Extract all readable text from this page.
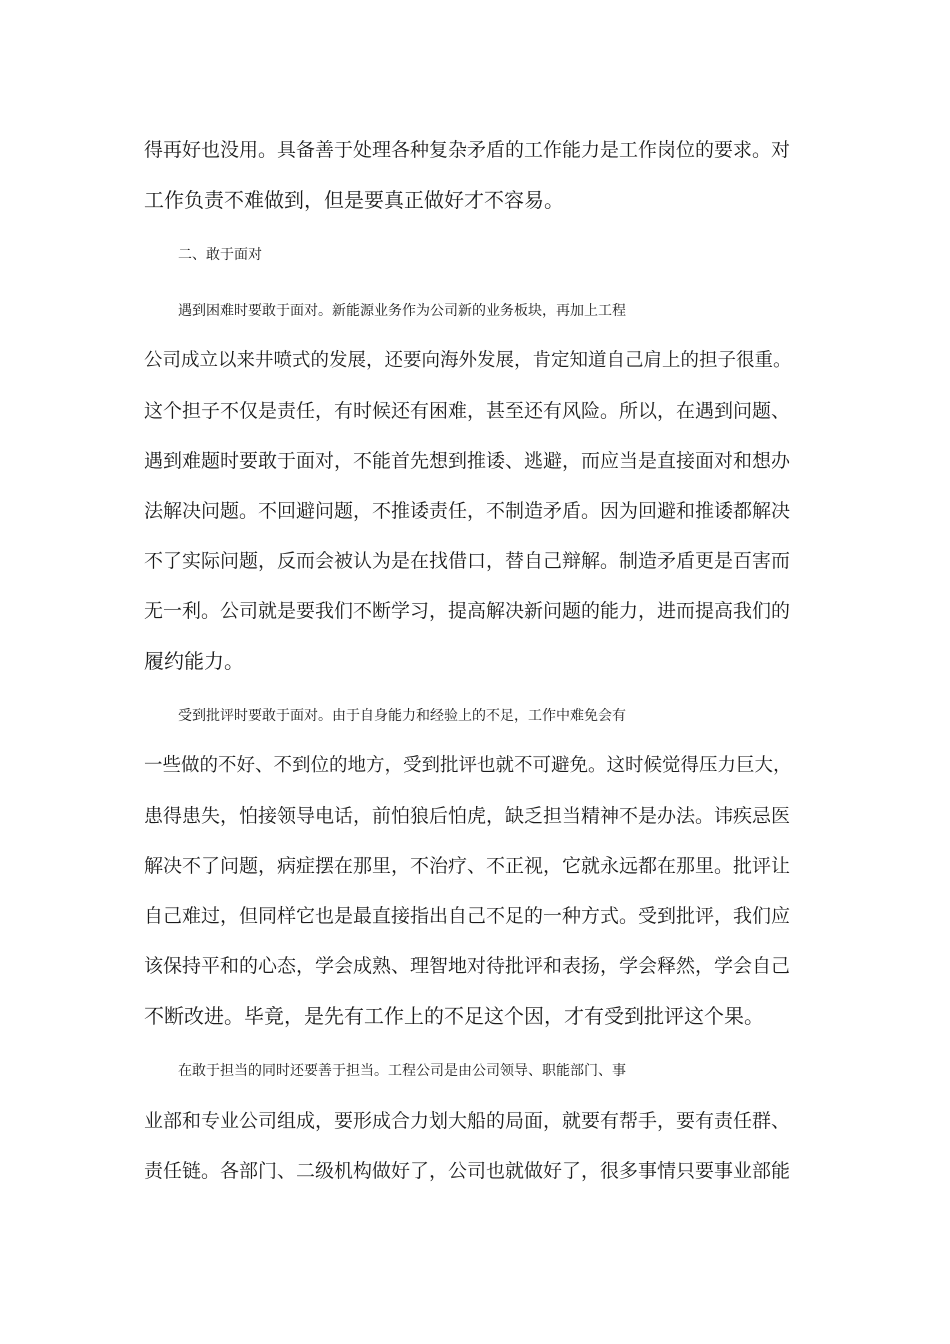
得再好也没用。具备善于处理各种复杂矛盾的工作能力是工作岗位的要求。对
工作负责不难做到，但是要真正做好才不容易。
二、敢于面对
遇到困难时要敢于面对。新能源业务作为公司新的业务板块，再加上工程
公司成立以来井喷式的发展，还要向海外发展，肯定知道自己肩上的担子很重。
这个担子不仅是责任，有时候还有困难，甚至还有风险。所以，在遇到问题、
遇到难题时要敢于面对，不能首先想到推诿、逃避，而应当是直接面对和想办
法解决问题。不回避问题，不推诿责任，不制造矛盾。因为回避和推诿都解决
不了实际问题，反而会被认为是在找借口，替自己辩解。制造矛盾更是百害而
无一利。公司就是要我们不断学习，提高解决新问题的能力，进而提高我们的
履约能力。
受到批评时要敢于面对。由于自身能力和经验上的不足，工作中难免会有
一些做的不好、不到位的地方，受到批评也就不可避免。这时候觉得压力巨大，
患得患失，怕接领导电话，前怕狼后怕虎，缺乏担当精神不是办法。讳疾忌医
解决不了问题，病症摆在那里，不治疗、不正视，它就永远都在那里。批评让
自己难过，但同样它也是最直接指出自己不足的一种方式。受到批评，我们应
该保持平和的心态，学会成熟、理智地对待批评和表扬，学会释然，学会自己
不断改进。毕竟，是先有工作上的不足这个因，才有受到批评这个果。
在敢于担当的同时还要善于担当。工程公司是由公司领导、职能部门、事
业部和专业公司组成，要形成合力划大船的局面，就要有帮手，要有责任群、
责任链。各部门、二级机构做好了，公司也就做好了，很多事情只要事业部能
